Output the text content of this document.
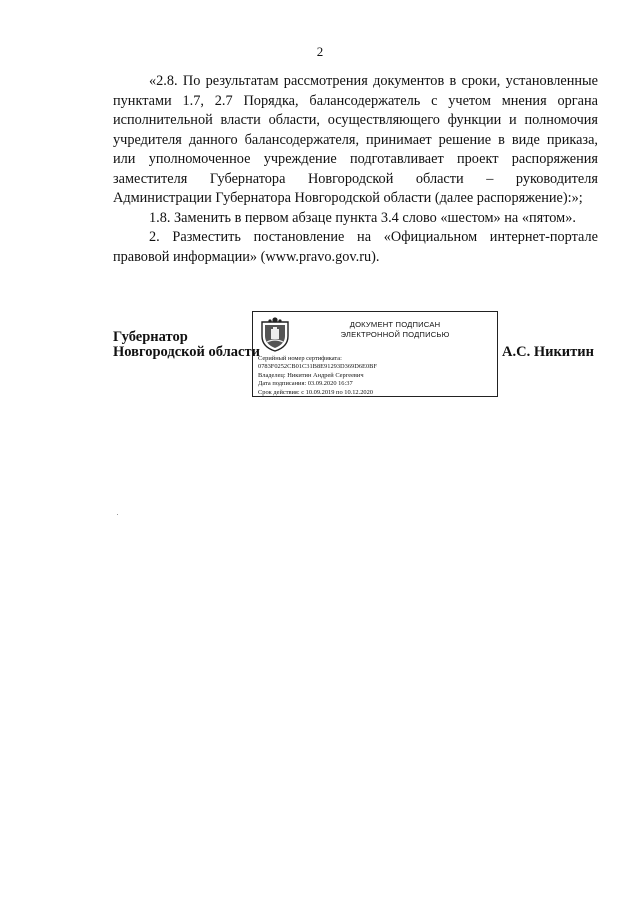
2

«2.8. По результатам рассмотрения документов в сроки, установленные пунктами 1.7, 2.7 Порядка, балансодержатель с учетом мнения органа исполнительной власти области, осуществляющего функции и полномочия учредителя данного балансодержателя, принимает решение в виде приказа, или уполномоченное учреждение подготавливает проект распоряжения заместителя Губернатора Новгородской области – руководителя Администрации Губернатора Новгородской области (далее распоряжение):»;

1.8. Заменить в первом абзаце пункта 3.4 слово «шестом» на «пятом».

2. Разместить постановление на «Официальном интернет-портале правовой информации» (www.pravo.gov.ru).

Губернатор
Новгородской области
ДОКУМЕНТ ПОДПИСАН
ЭЛЕКТРОННОЙ ПОДПИСЬЮ
Серийный номер сертификата:
0783F0252CB01C31B8E91293D369D6E0BF
Владелец: Никитин Андрей Сергеевич
Дата подписания: 03.09.2020 16:37
Срок действия: с 10.09.2019 по 10.12.2020
А.С. Никитин
